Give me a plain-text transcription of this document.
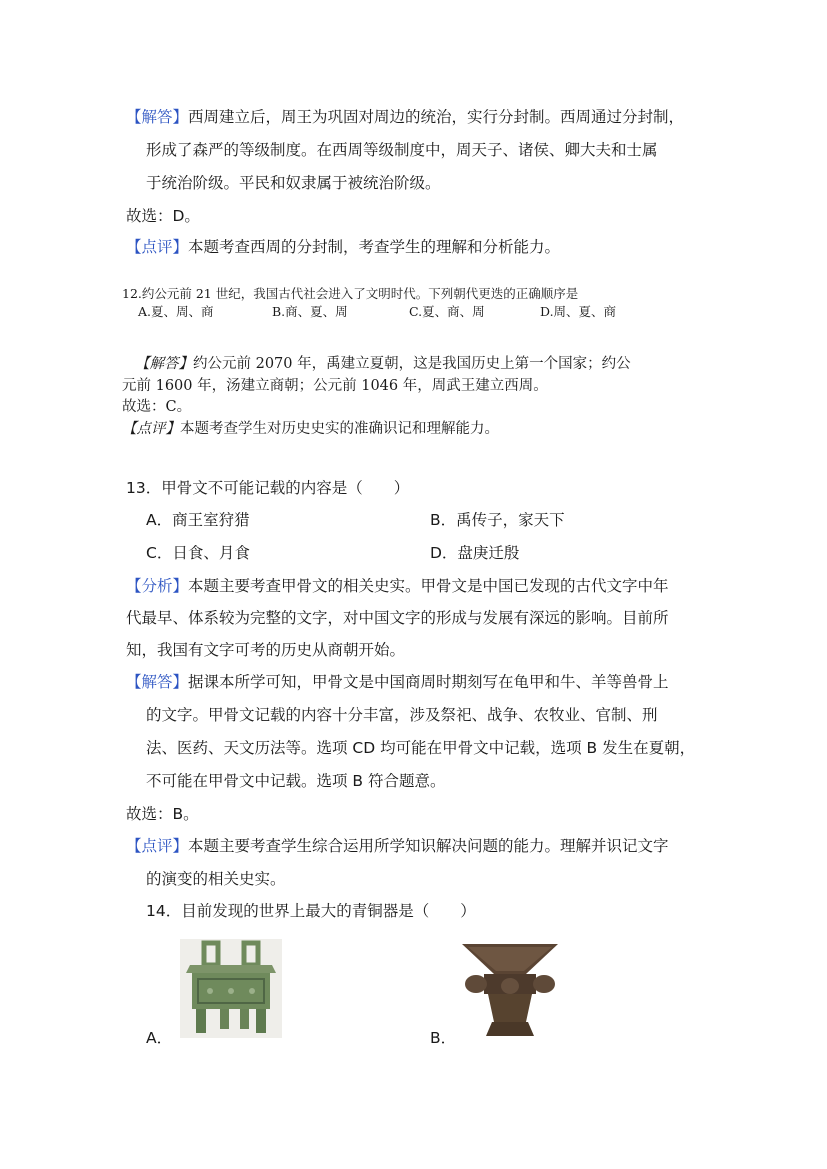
【解答】西周建立后，周王为巩固对周边的统治，实行分封制。西周通过分封制，
形成了森严的等级制度。在西周等级制度中，周天子、诸侯、卿大夫和士属
于统治阶级。平民和奴隶属于被统治阶级。
故选：D。
【点评】本题考查西周的分封制，考查学生的理解和分析能力。
12.约公元前 21 世纪，我国古代社会进入了文明时代。下列朝代更迭的正确顺序是
A.夏、周、商	B.商、夏、周	C.夏、商、周	D.周、夏、商
【解答】约公元前 2070 年，禹建立夏朝，这是我国历史上第一个国家；约公
元前 1600 年，汤建立商朝；公元前 1046 年，周武王建立西周。
故选：C。
【点评】本题考查学生对历史史实的准确识记和理解能力。
13．甲骨文不可能记载的内容是（　　）
A．商王室狩猎	B．禹传子，家天下
C．日食、月食	D．盘庚迁殷
【分析】本题主要考查甲骨文的相关史实。甲骨文是中国已发现的古代文字中年
代最早、体系较为完整的文字，对中国文字的形成与发展有深远的影响。目前所
知，我国有文字可考的历史从商朝开始。
【解答】据课本所学可知，甲骨文是中国商周时期刻写在龟甲和牛、羊等兽骨上
的文字。甲骨文记载的内容十分丰富，涉及祭祀、战争、农牧业、官制、刑
法、医药、天文历法等。选项 CD 均可能在甲骨文中记载，选项 B 发生在夏朝，
不可能在甲骨文中记载。选项 B 符合题意。
故选：B。
【点评】本题主要考查学生综合运用所学知识解决问题的能力。理解并识记文字
的演变的相关史实。
14．目前发现的世界上最大的青铜器是（　　）
A．	B．
